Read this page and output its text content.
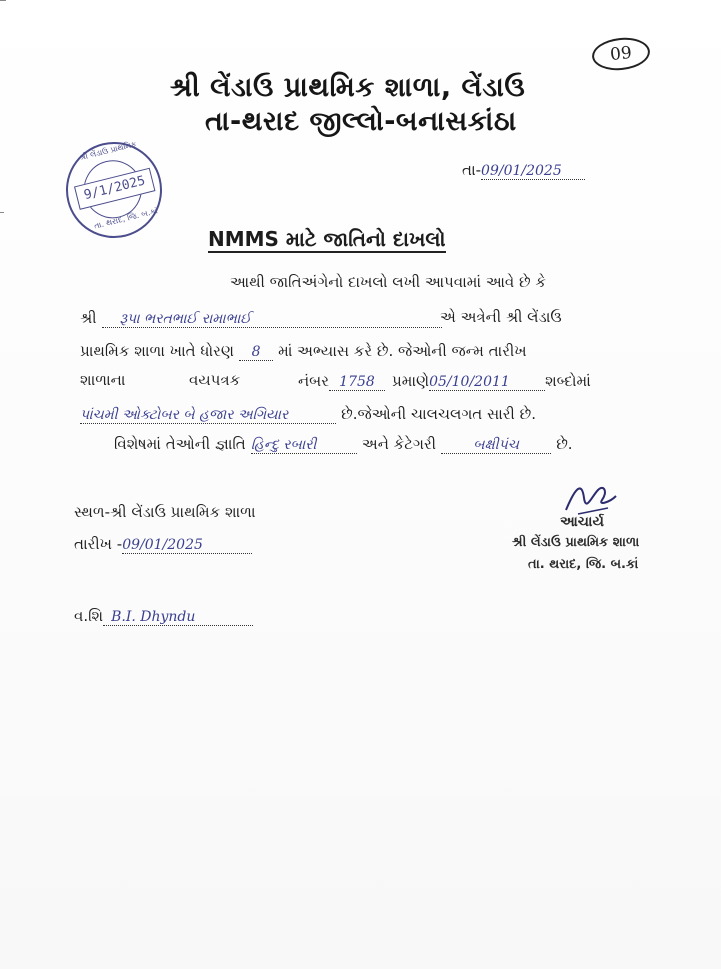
09
શ્રી લેંડાઉ પ્રાથમિક શાળા, લેંડાઉ
તા-થરાદ જીલ્લો-બનાસકાંઠા
શ્રી લેંડાઉ પ્રાથમિક
9/1/2025
તા. થરાદ, જિ. બ.કાં
તા-09/01/2025
NMMS માટે જાતિનો દાખલો
આથી જાતિઅંગેનો દાખલો લખી આપવામાં આવે છે કે
શ્રી રૂપા ભરતભાઈ રામાભાઈ	એ અત્રેની શ્રી લેંડાઉ
પ્રાથમિક શાળા ખાતે ધોરણ 8 માં અભ્યાસ કરે છે. જેઓની જન્મ તારીખ
શાળાના	વયપત્રક	નંબર 1758	પ્રમાણે05/10/2011 શબ્દોમાં
પાંચમી ઓક્ટોબર બે હજાર અગિયાર	છે.જેઓની ચાલચલગત સારી છે.
વિશેષમાં તેઓની જ્ઞાતિ હિન્દુ રબારી	અને કેટેગરી	બક્ષીપંચ છે.
સ્થળ-શ્રી લેંડાઉ પ્રાથમિક શાળા
તારીખ -09/01/2025
વ.શિ B.I. Dhyndu
આચાર્ય
શ્રી લેંડાઉ પ્રાથમિક શાળા
તા. થરાદ, જિ. બ.કાં
